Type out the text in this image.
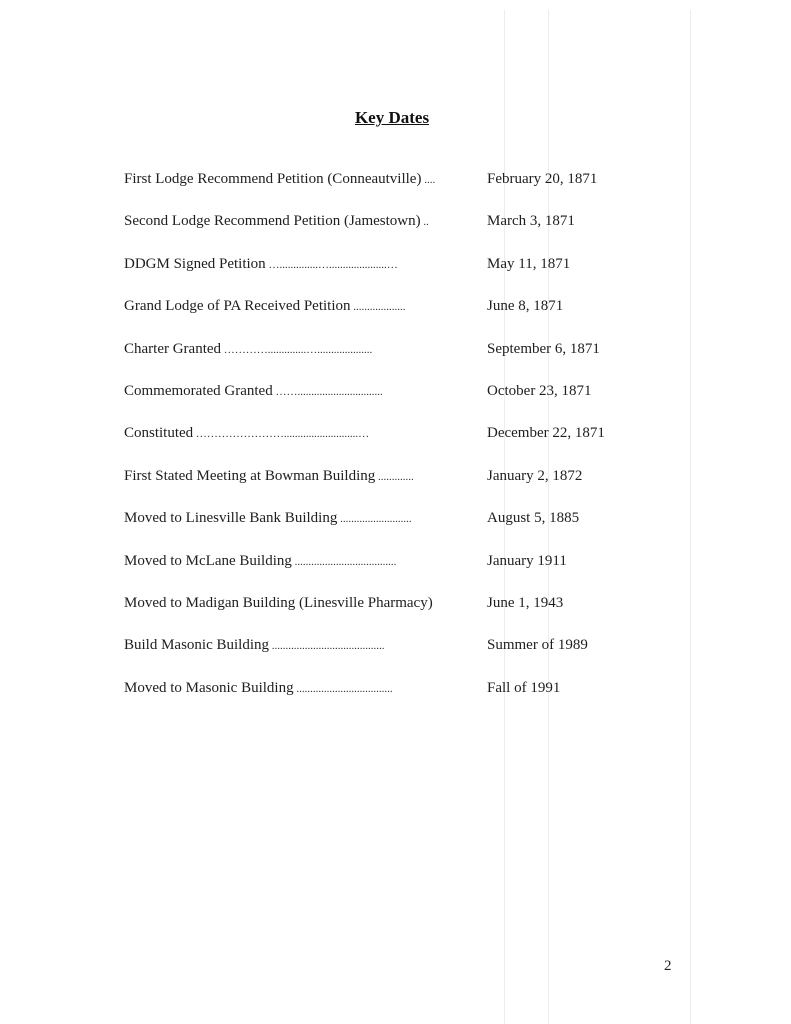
Key Dates
First Lodge Recommend Petition (Conneautville) ....	February 20, 1871
Second Lodge Recommend Petition (Jamestown) ..	March 3, 1871
DDGM Signed Petition …..............….....................…	May 11, 1871
Grand Lodge of PA Received Petition ...................	June 8, 1871
Charter Granted …………..............…....................	September 6, 1871
Commemorated Granted ……...............................	October 23, 1871
Constituted ……………………...........................…	December 22, 1871
First Stated Meeting at Bowman Building .............	January 2, 1872
Moved to Linesville Bank Building ..........................	August 5, 1885
Moved to McLane Building .....................................	January 1911
Moved to Madigan Building (Linesville Pharmacy)	June 1, 1943
Build Masonic Building .........................................	Summer of 1989
Moved to Masonic Building ...................................	Fall of 1991
2
